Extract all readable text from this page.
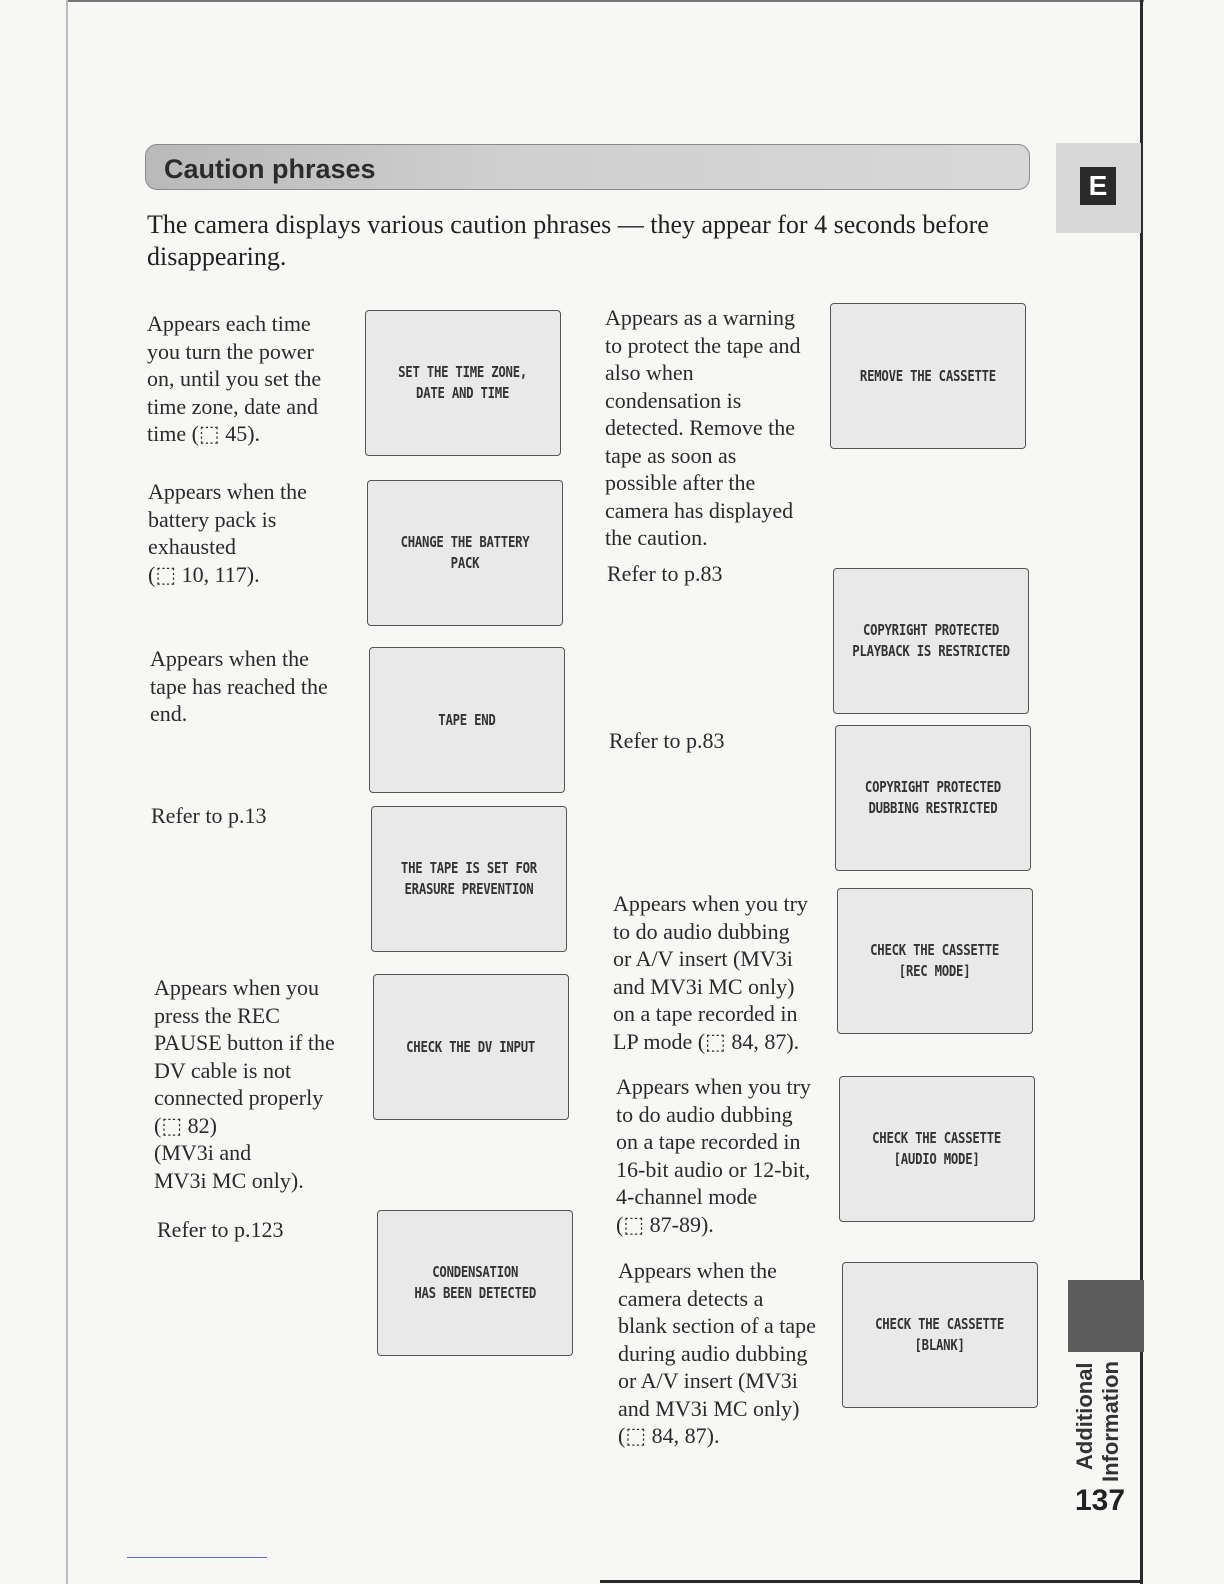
Caution phrases
The camera displays various caution phrases — they appear for 4 seconds before disappearing.
E
Additional
Information
137
Appears each time
you turn the power
on, until you set the
time zone, date and
time (⬚ 45).
SET THE TIME ZONE,
DATE AND TIME
Appears when the
battery pack is
exhausted
(⬚ 10, 117).
CHANGE THE BATTERY PACK
Appears when the
tape has reached the
end.	TAPE END
Refer to p.13
THE TAPE IS SET FOR
ERASURE PREVENTION
Appears when you
press the REC
PAUSE button if the
DV cable is not
connected properly
(⬚ 82)
(MV3i and
MV3i MC only).
CHECK THE DV INPUT
Refer to p.123
CONDENSATION
HAS BEEN DETECTED
Appears as a warning
to protect the tape and
also when
condensation is
detected. Remove the
tape as soon as
possible after the
camera has displayed
the caution.
REMOVE THE CASSETTE
Refer to p.83
COPYRIGHT PROTECTED
PLAYBACK IS RESTRICTED
Refer to p.83
COPYRIGHT PROTECTED
DUBBING RESTRICTED
Appears when you try
to do audio dubbing
or A/V insert (MV3i
and MV3i MC only)
on a tape recorded in
LP mode (⬚ 84, 87).
CHECK THE CASSETTE
[REC MODE]
Appears when you try
to do audio dubbing
on a tape recorded in
16-bit audio or 12-bit,
4-channel mode
(⬚ 87-89).
CHECK THE CASSETTE
[AUDIO MODE]
Appears when the
camera detects a
blank section of a tape
during audio dubbing
or A/V insert (MV3i
and MV3i MC only)
(⬚ 84, 87).
CHECK THE CASSETTE
[BLANK]
